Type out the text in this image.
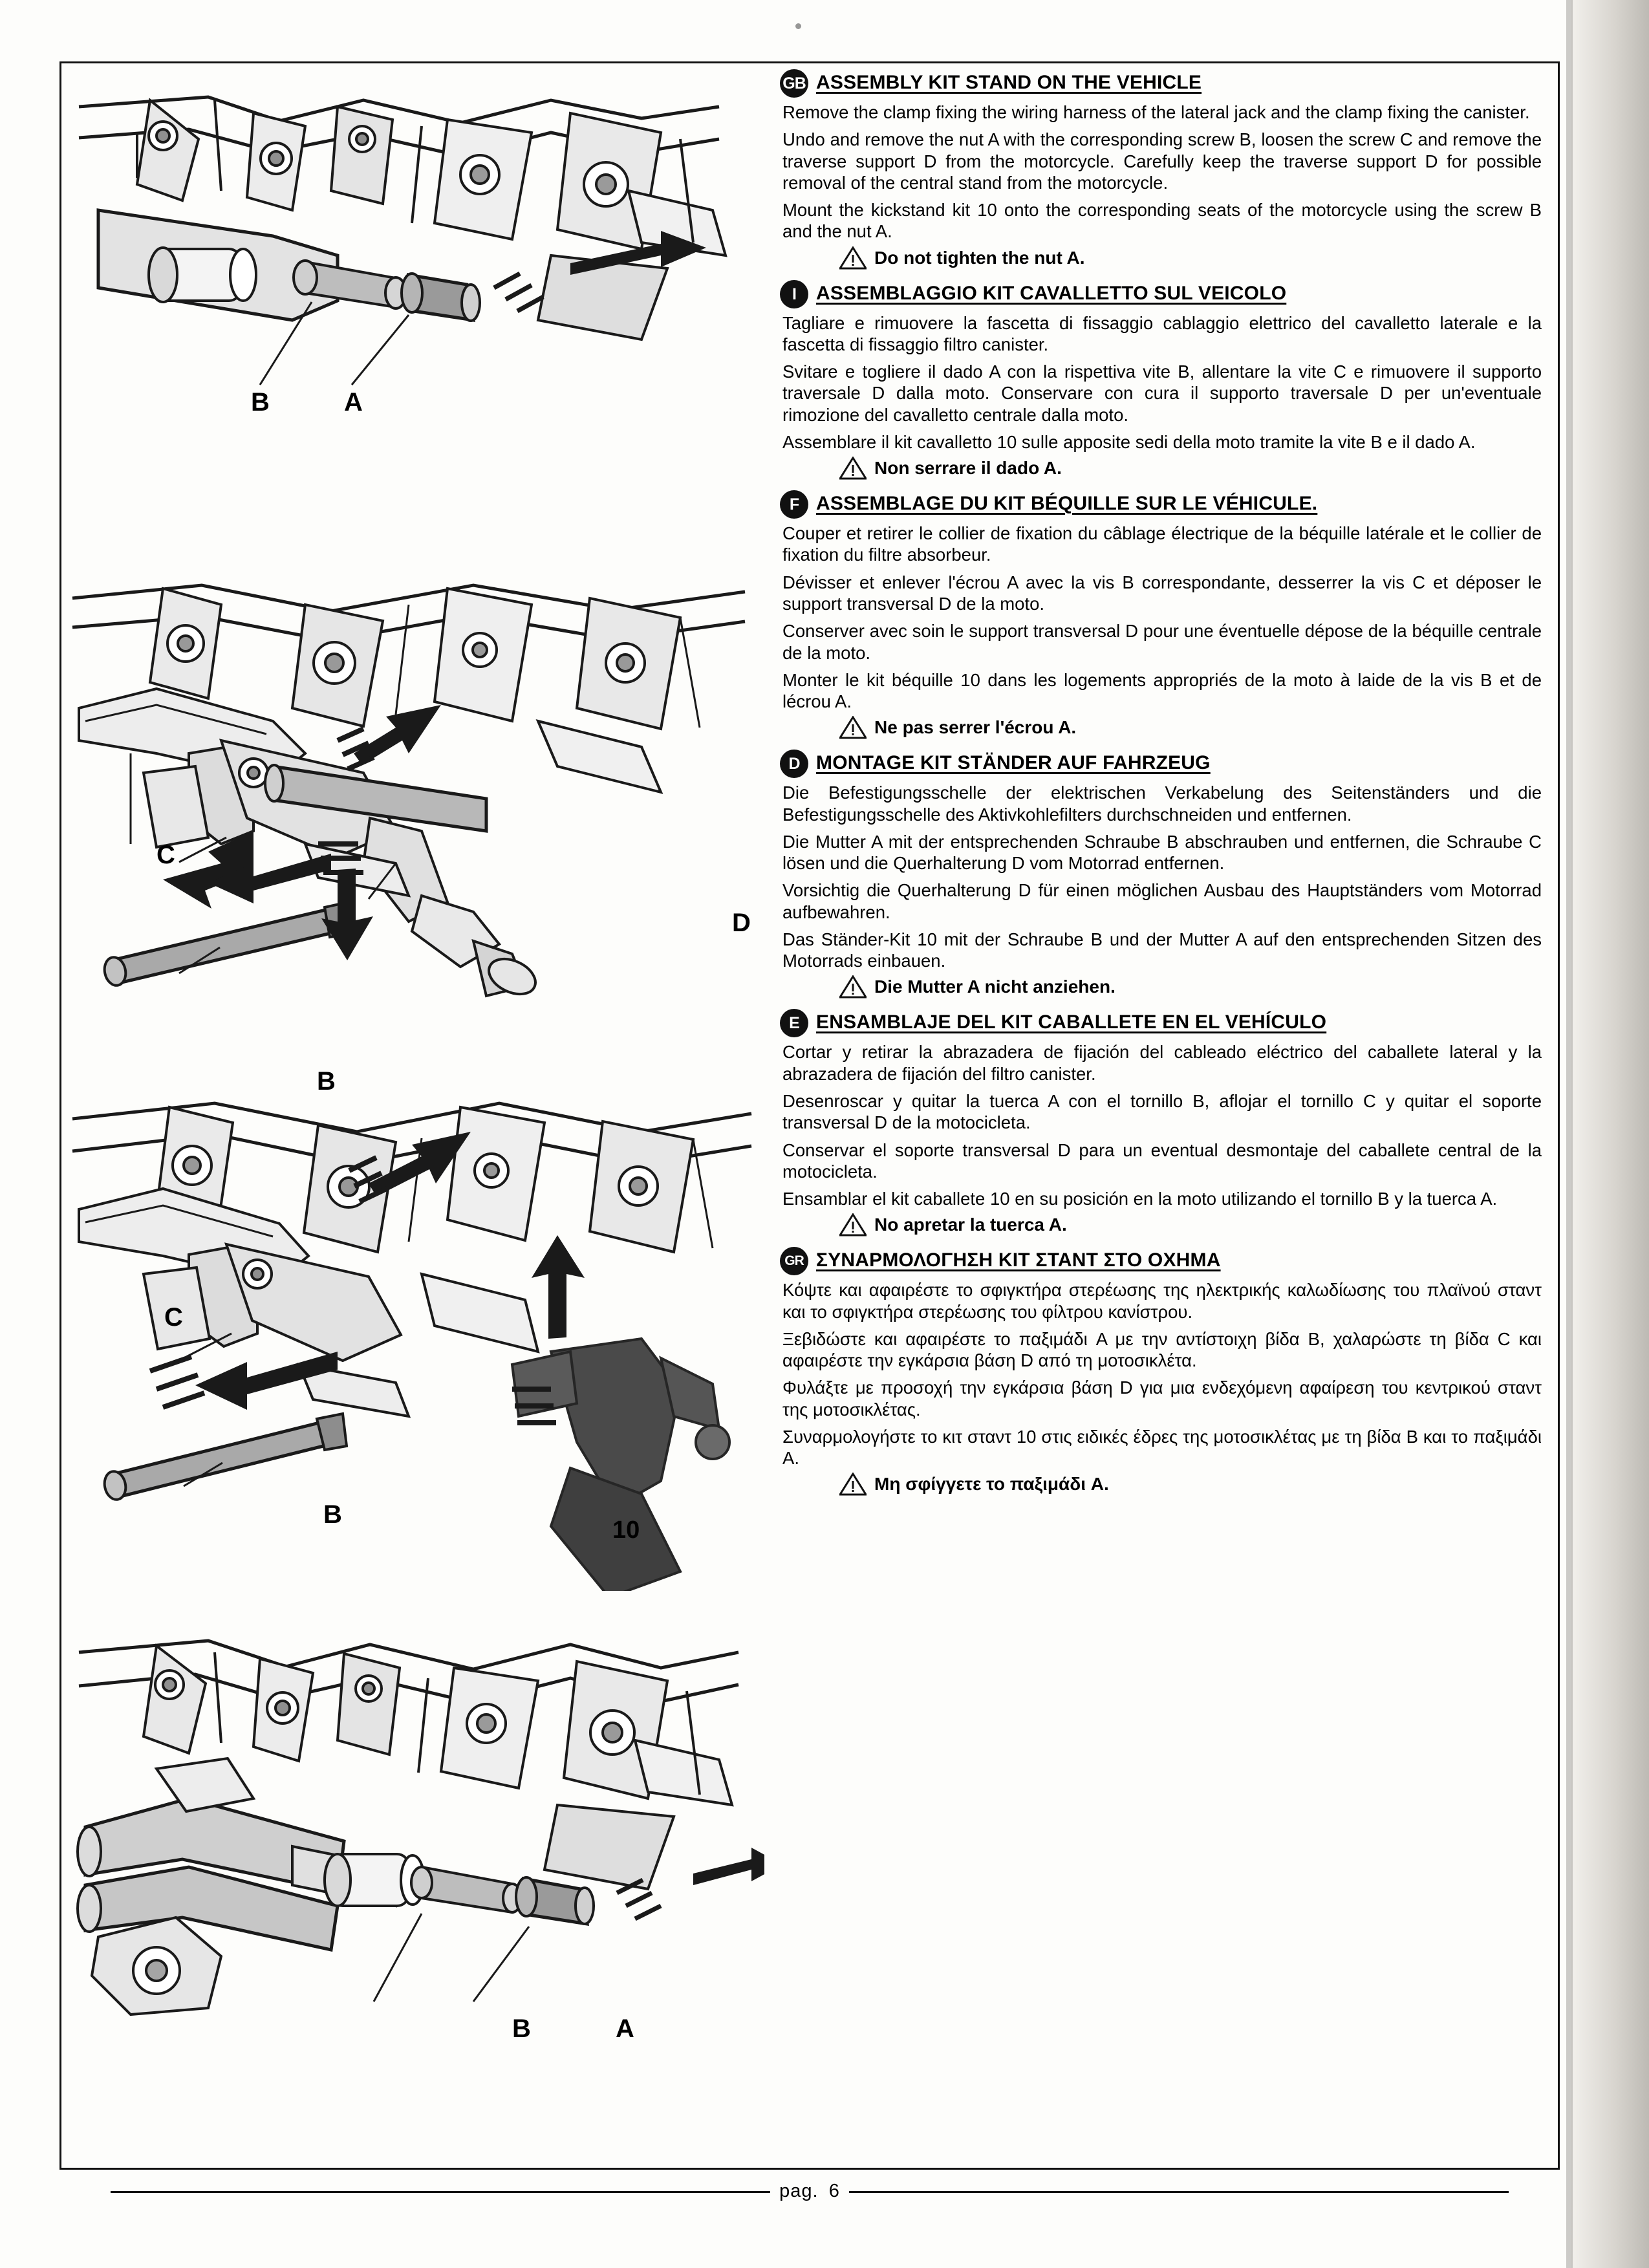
B	A
C
D
B
C
B
10
B	A
GB ASSEMBLY KIT STAND ON THE VEHICLE

Remove the clamp fixing the wiring harness of the lateral jack and the clamp fixing the canister.

Undo and remove the nut A with the corresponding screw B, loosen the screw C and remove the traverse support D from the motorcycle. Carefully keep the traverse support D for possible removal of the central stand from the motorcycle.

Mount the kickstand kit 10 onto the corresponding seats of the motorcycle using the screw B and the nut A.

Do not tighten the nut A.
I	ASSEMBLAGGIO KIT CAVALLETTO SUL VEICOLO

Tagliare e rimuovere la fascetta di fissaggio cablaggio elettrico del cavalletto laterale e la fascetta di fissaggio filtro canister.

Svitare e togliere il dado A con la rispettiva vite B, allentare la vite C e rimuovere il supporto traversale D dalla moto. Conservare con cura il supporto traversale D per un'eventuale rimozione del cavalletto centrale dalla moto.

Assemblare il kit cavalletto 10 sulle apposite sedi della moto tramite la vite B e il dado A.

Non serrare il dado A.
F ASSEMBLAGE DU KIT BÉQUILLE SUR LE VÉHICULE.

Couper et retirer le collier de fixation du câblage électrique de la béquille latérale et le collier de fixation du filtre absorbeur.

Dévisser et enlever l'écrou A avec la vis B correspondante, desserrer la vis C et déposer le support transversal D de la moto.

Conserver avec soin le support transversal D pour une éventuelle dépose de la béquille centrale de la moto.

Monter le kit béquille 10 dans les logements appropriés de la moto à laide de la vis B et de lécrou A.

Ne pas serrer l'écrou A.
D MONTAGE KIT STÄNDER AUF FAHRZEUG

Die Befestigungsschelle der elektrischen Verkabelung des Seitenständers und die Befestigungsschelle des Aktivkohlefilters durchschneiden und entfernen.

Die Mutter A mit der entsprechenden Schraube B abschrauben und entfernen, die Schraube C lösen und die Querhalterung D vom Motorrad entfernen.

Vorsichtig die Querhalterung D für einen möglichen Ausbau des Hauptständers vom Motorrad aufbewahren.

Das Ständer-Kit 10 mit der Schraube B und der Mutter A auf den entsprechenden Sitzen des Motorrads einbauen.

Die Mutter A nicht anziehen.
E ENSAMBLAJE DEL KIT CABALLETE EN EL VEHÍCULO

Cortar y retirar la abrazadera de fijación del cableado eléctrico del caballete lateral y la abrazadera de fijación del filtro canister.

Desenroscar y quitar la tuerca A con el tornillo B, aflojar el tornillo C y quitar el soporte transversal D de la motocicleta.

Conservar el soporte transversal D para un eventual desmontaje del caballete central de la motocicleta.

Ensamblar el kit caballete 10 en su posición en la moto utilizando el tornillo B y la tuerca A.

No apretar la tuerca A.
GR ΣΥΝΑΡΜΟΛΟΓΗΣΗ ΚΙΤ ΣΤΑΝΤ ΣΤΟ ΟΧΗΜΑ

Κόψτε και αφαιρέστε το σφιγκτήρα στερέωσης της ηλεκτρικής καλωδίωσης του πλαϊνού σταντ και το σφιγκτήρα στερέωσης του φίλτρου κανίστρου.

Ξεβιδώστε και αφαιρέστε το παξιμάδι A με την αντίστοιχη βίδα B, χαλαρώστε τη βίδα C και αφαιρέστε την εγκάρσια βάση D από τη μοτοσικλέτα.

Φυλάξτε με προσοχή την εγκάρσια βάση D για μια ενδεχόμενη αφαίρεση του κεντρικού σταντ της μοτοσικλέτας.

Συναρμολογήστε το κιτ σταντ 10 στις ειδικές έδρες της μοτοσικλέτας με τη βίδα B και το παξιμάδι A.

Μη σφίγγετε το παξιμάδι A.
pag. 6
